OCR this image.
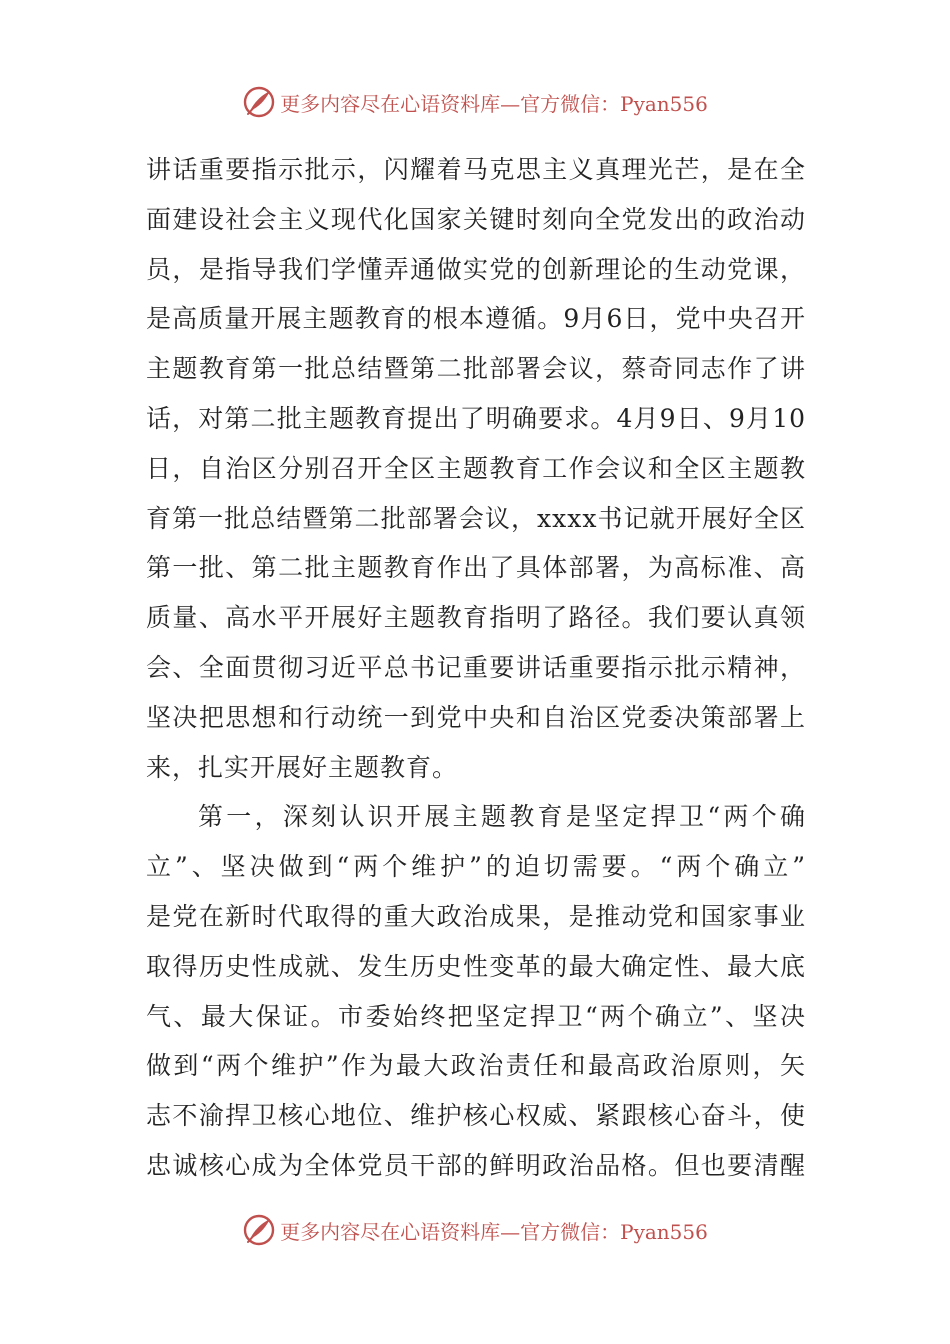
更多内容尽在心语资料库—官方微信：Pyan556
讲话重要指示批示，闪耀着马克思主义真理光芒，是在全
面建设社会主义现代化国家关键时刻向全党发出的政治动
员，是指导我们学懂弄通做实党的创新理论的生动党课，
是高质量开展主题教育的根本遵循。9月6日，党中央召开
主题教育第一批总结暨第二批部署会议，蔡奇同志作了讲
话，对第二批主题教育提出了明确要求。4月9日、9月10
日，自治区分别召开全区主题教育工作会议和全区主题教
育第一批总结暨第二批部署会议，xxxx书记就开展好全区
第一批、第二批主题教育作出了具体部署，为高标准、高
质量、高水平开展好主题教育指明了路径。我们要认真领
会、全面贯彻习近平总书记重要讲话重要指示批示精神，
坚决把思想和行动统一到党中央和自治区党委决策部署上
来，扎实开展好主题教育。
第一，深刻认识开展主题教育是坚定捍卫“两个确
立”、坚决做到“两个维护”的迫切需要。“两个确立”
是党在新时代取得的重大政治成果，是推动党和国家事业
取得历史性成就、发生历史性变革的最大确定性、最大底
气、最大保证。市委始终把坚定捍卫“两个确立”、坚决
做到“两个维护”作为最大政治责任和最高政治原则，矢
志不渝捍卫核心地位、维护核心权威、紧跟核心奋斗，使
忠诚核心成为全体党员干部的鲜明政治品格。但也要清醒
更多内容尽在心语资料库—官方微信：Pyan556
